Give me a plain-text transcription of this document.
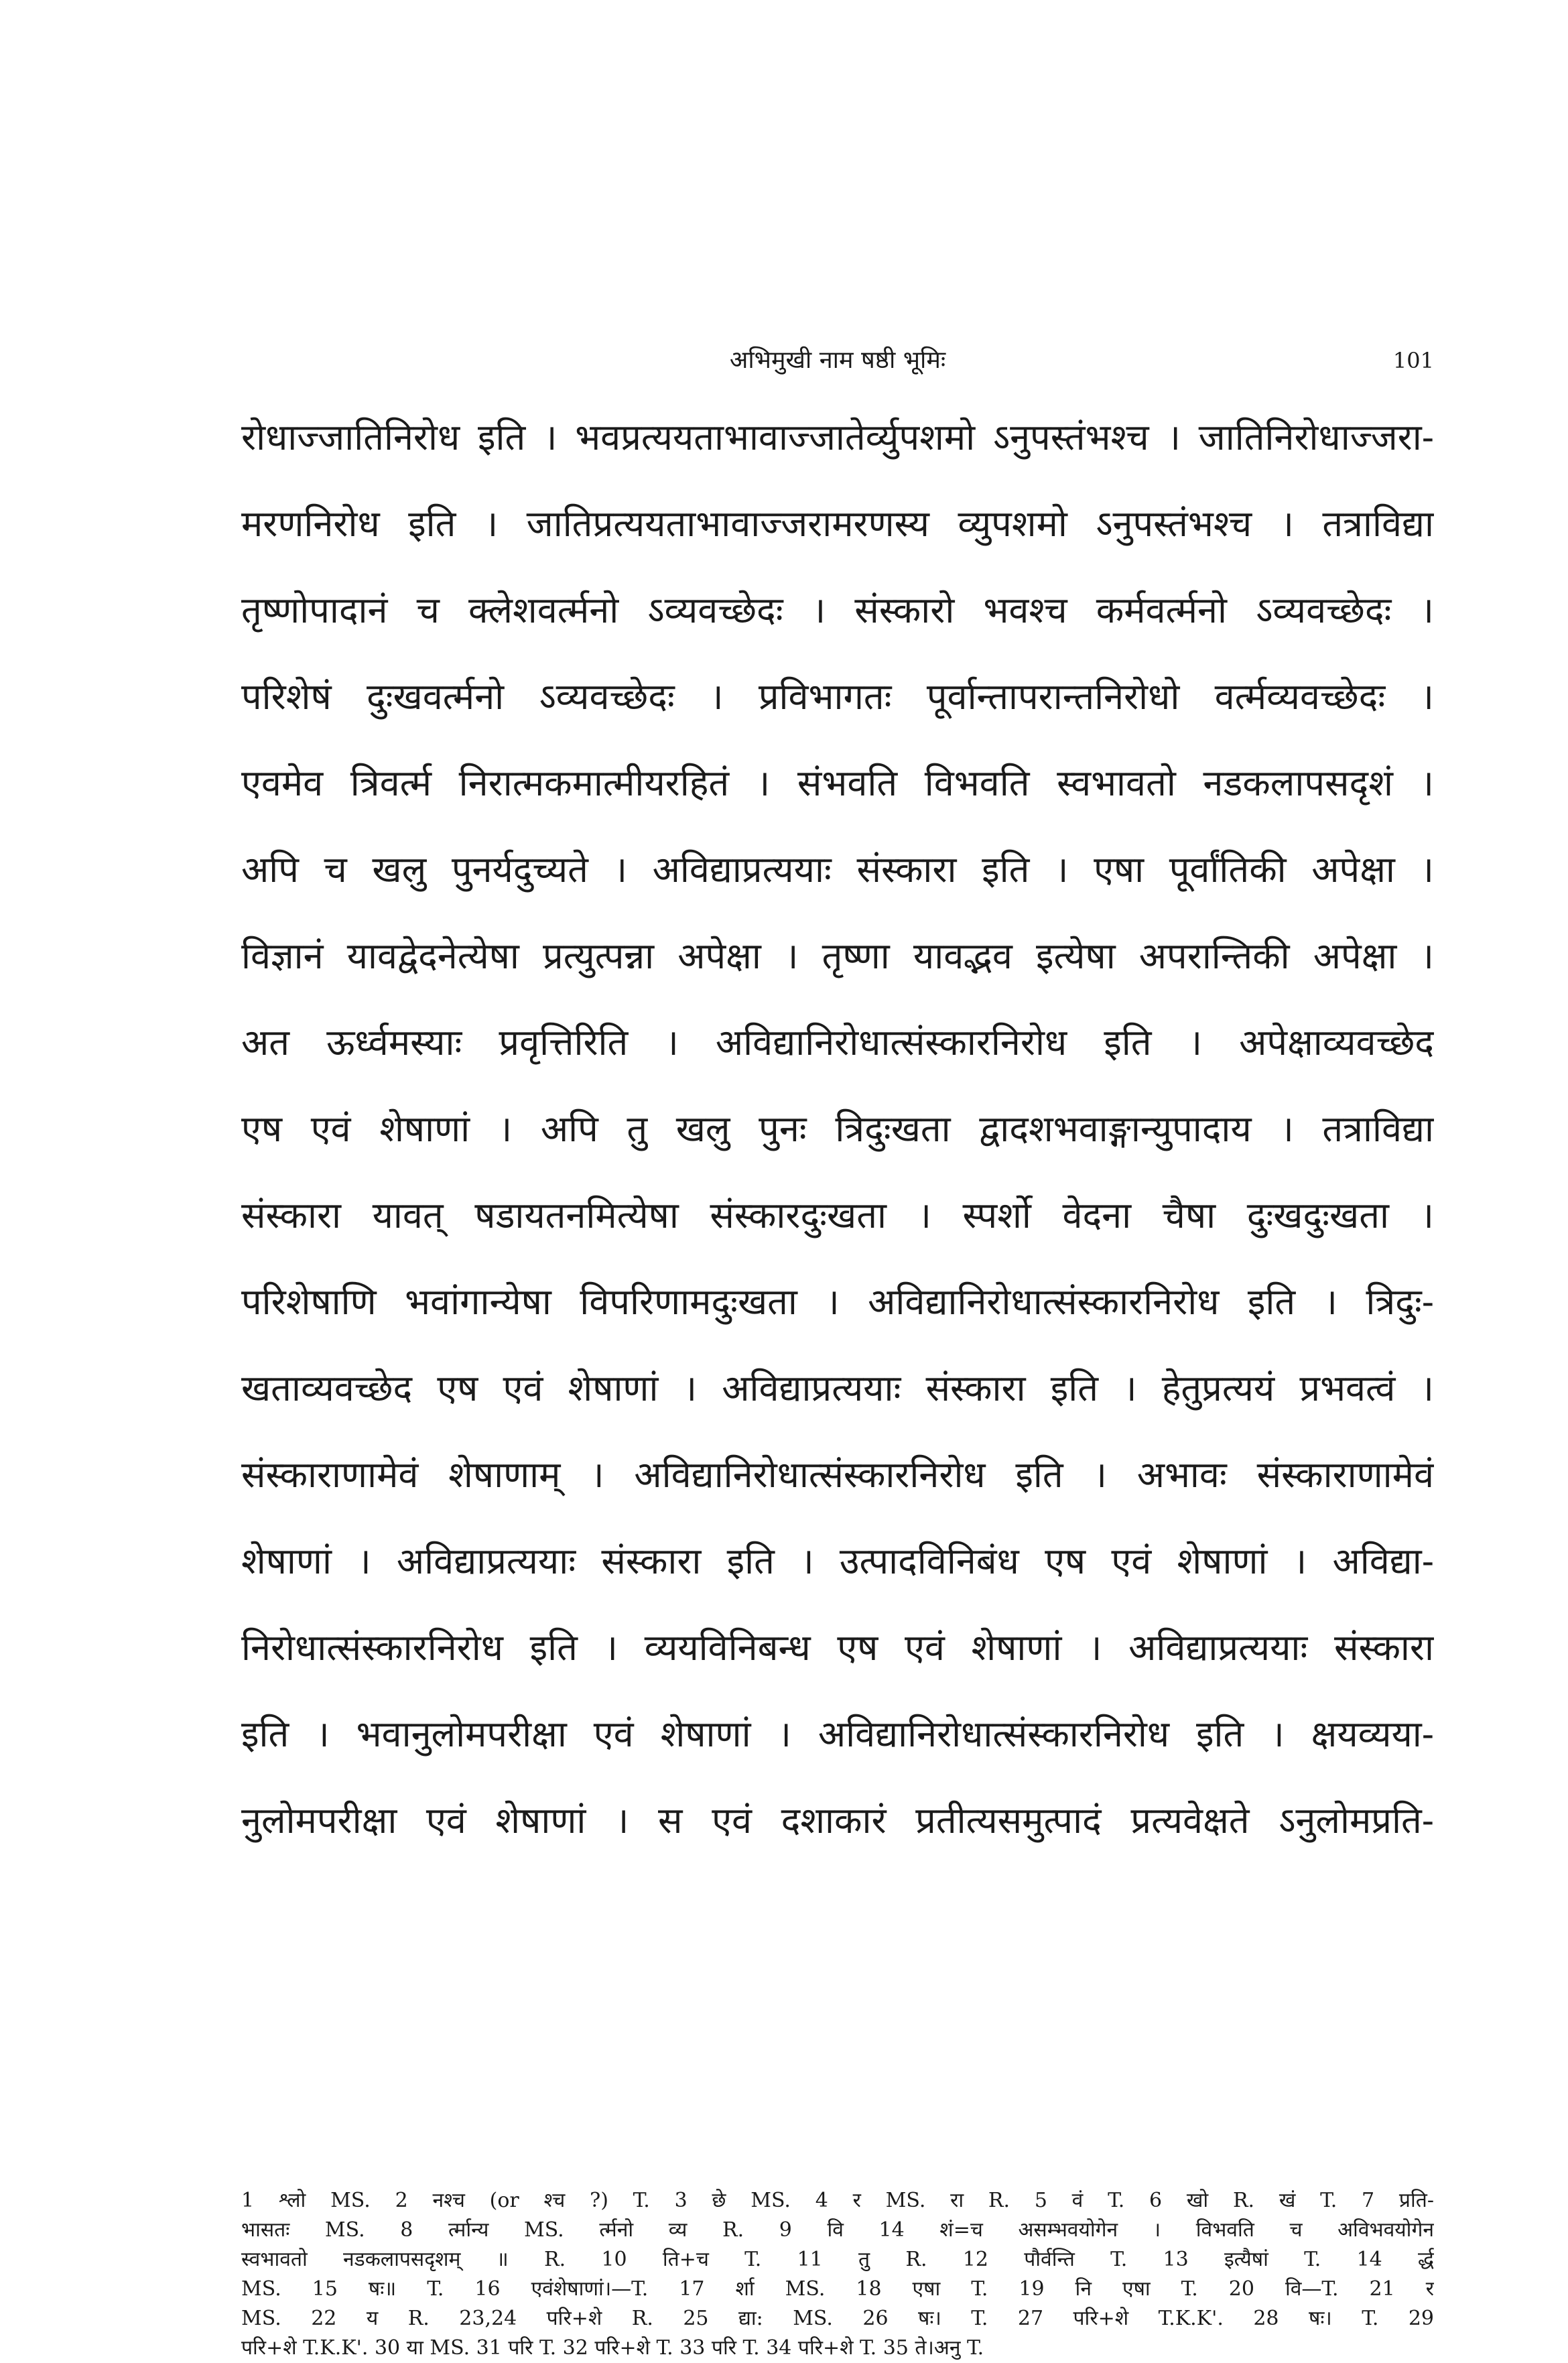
अभिमुखी नाम षष्ठी भूमिः	101
रोधाज्जातिनिरोध इति । भवप्रत्ययताभावाज्जातेर्व्युपशमो ऽनुपस्तंभश्च । जातिनिरोधाज्जरा-
मरणनिरोध इति । जातिप्रत्ययताभावाज्जरामरणस्य व्युपशमो ऽनुपस्तंभश्च । तत्राविद्या
तृष्णोपादानं च क्लेशवर्त्मनो ऽव्यवच्छेदः । संस्कारो भवश्च कर्मवर्त्मनो ऽव्यवच्छेदः ।
परिशेषं दुःखवर्त्मनो ऽव्यवच्छेदः । प्रविभागतः पूर्वान्तापरान्तनिरोधो वर्त्मव्यवच्छेदः ।
एवमेव त्रिवर्त्म निरात्मकमात्मीयरहितं । संभवति विभवति स्वभावतो नडकलापसदृशं ।
अपि च खलु पुनर्यदुच्यते । अविद्याप्रत्ययाः संस्कारा इति । एषा पूर्वांतिकी अपेक्षा ।
विज्ञानं यावद्वेदनेत्येषा प्रत्युत्पन्ना अपेक्षा । तृष्णा यावद्भव इत्येषा अपरान्तिकी अपेक्षा ।
अत ऊर्ध्वमस्याः प्रवृत्तिरिति । अविद्यानिरोधात्संस्कारनिरोध इति । अपेक्षाव्यवच्छेद
एष एवं शेषाणां । अपि तु खलु पुनः त्रिदुःखता द्वादशभवाङ्गान्युपादाय । तत्राविद्या
संस्कारा यावत् षडायतनमित्येषा संस्कारदुःखता । स्पर्शो वेदना चैषा दुःखदुःखता ।
परिशेषाणि भवांगान्येषा विपरिणामदुःखता । अविद्यानिरोधात्संस्कारनिरोध इति । त्रिदुः-
खताव्यवच्छेद एष एवं शेषाणां । अविद्याप्रत्ययाः संस्कारा इति । हेतुप्रत्ययं प्रभवत्वं ।
संस्काराणामेवं शेषाणाम् । अविद्यानिरोधात्संस्कारनिरोध इति । अभावः संस्काराणामेवं
शेषाणां । अविद्याप्रत्ययाः संस्कारा इति । उत्पादविनिबंध एष एवं शेषाणां । अविद्या-
निरोधात्संस्कारनिरोध इति । व्ययविनिबन्ध एष एवं शेषाणां । अविद्याप्रत्ययाः संस्कारा
इति । भवानुलोमपरीक्षा एवं शेषाणां । अविद्यानिरोधात्संस्कारनिरोध इति । क्षयव्यया-
नुलोमपरीक्षा एवं शेषाणां । स एवं दशाकारं प्रतीत्यसमुत्पादं प्रत्यवेक्षते ऽनुलोमप्रति-
1 श्लो MS. 2 नश्च (or श्च ?) T. 3 छे MS. 4 र MS. रा R. 5 वं T. 6 खो R. खं T. 7 प्रति-
भासतः MS. 8 र्त्मान्य MS. र्त्मनो व्य R. 9 वि 14 शं=च असम्भवयोगेन । विभवति च अविभवयोगेन
स्वभावतो नडकलापसदृशम् ॥ R. 10 ति+च T. 11 तु R. 12 पौर्वन्ति T. 13 इत्यैषां T. 14 र्द्ध
MS. 15 षः॥ T. 16 एवंशेषाणां।—T. 17 र्शा MS. 18 एषा T. 19 नि एषा T. 20 वि—T. 21 र
MS. 22 य R. 23,24 परि+शे R. 25 द्या: MS. 26 षः। T. 27 परि+शे T.K.K'. 28 षः। T. 29
परि+शे T.K.K'. 30 या MS. 31 परि T. 32 परि+शे T. 33 परि T. 34 परि+शे T. 35 ते।अनु T.
